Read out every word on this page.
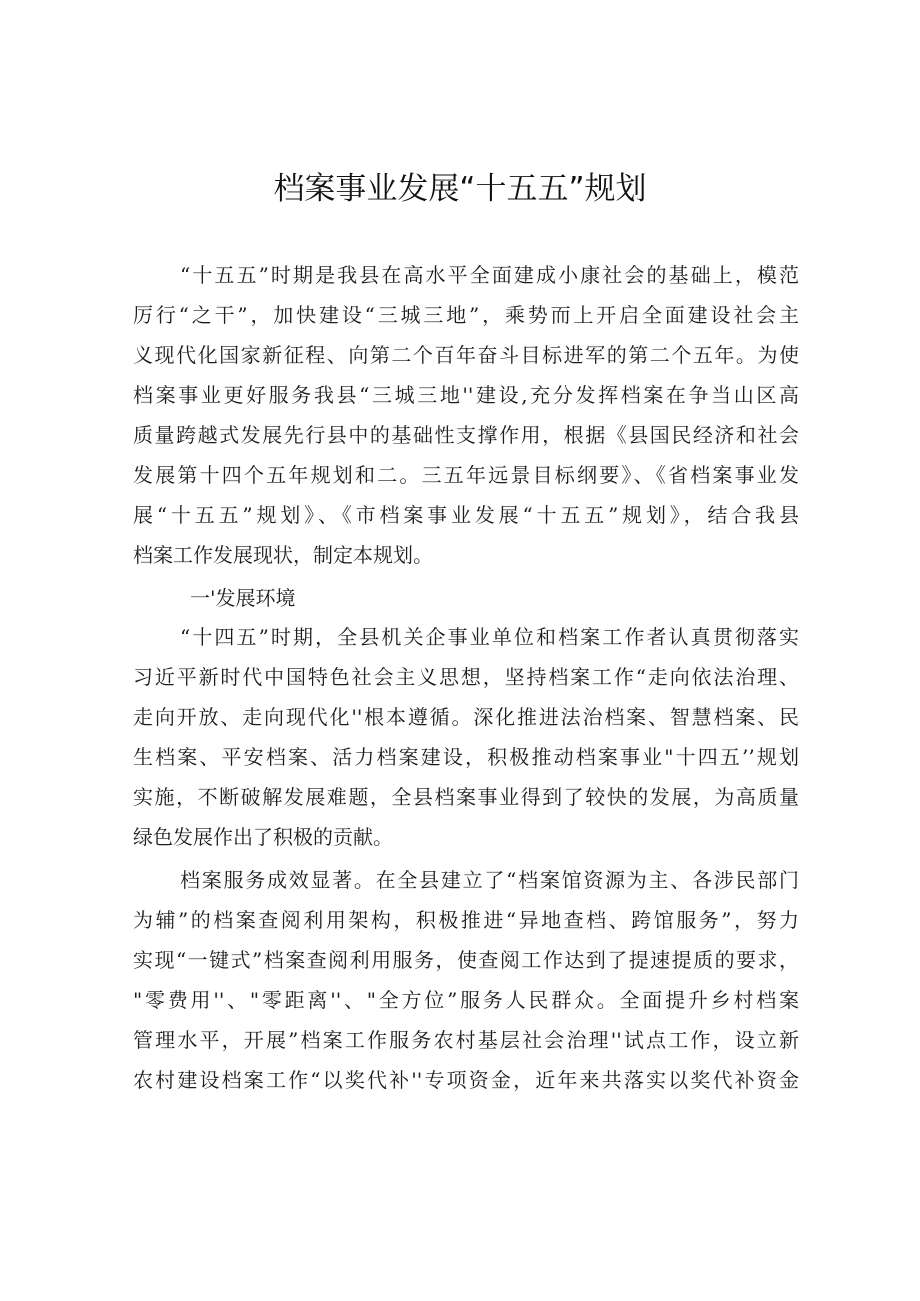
档案事业发展“十五五”规划
“十五五”时期是我县在高水平全面建成小康社会的基础上，模范
厉行“之干”，加快建设“三城三地”，乘势而上开启全面建设社会主
义现代化国家新征程、向第二个百年奋斗目标进军的第二个五年。为使
档案事业更好服务我县“三城三地''建设,充分发挥档案在争当山区高
质量跨越式发展先行县中的基础性支撑作用，根据《县国民经济和社会
发展第十四个五年规划和二。三五年远景目标纲要》、《省档案事业发
展“十五五”规划》、《市档案事业发展“十五五”规划》，结合我县
档案工作发展现状，制定本规划。
一'发展环境
“十四五”时期，全县机关企事业单位和档案工作者认真贯彻落实
习近平新时代中国特色社会主义思想，坚持档案工作“走向依法治理、
走向开放、走向现代化''根本遵循。深化推进法治档案、智慧档案、民
生档案、平安档案、活力档案建设，积极推动档案事业"十四五’’规划
实施，不断破解发展难题，全县档案事业得到了较快的发展，为高质量
绿色发展作出了积极的贡献。
档案服务成效显著。在全县建立了“档案馆资源为主、各涉民部门
为辅”的档案查阅利用架构，积极推进“异地查档、跨馆服务”，努力
实现“一键式”档案查阅利用服务，使查阅工作达到了提速提质的要求，
"零费用''、"零距离''、"全方位”服务人民群众。全面提升乡村档案
管理水平，开展”档案工作服务农村基层社会治理''试点工作，设立新
农村建设档案工作“以奖代补''专项资金，近年来共落实以奖代补资金
